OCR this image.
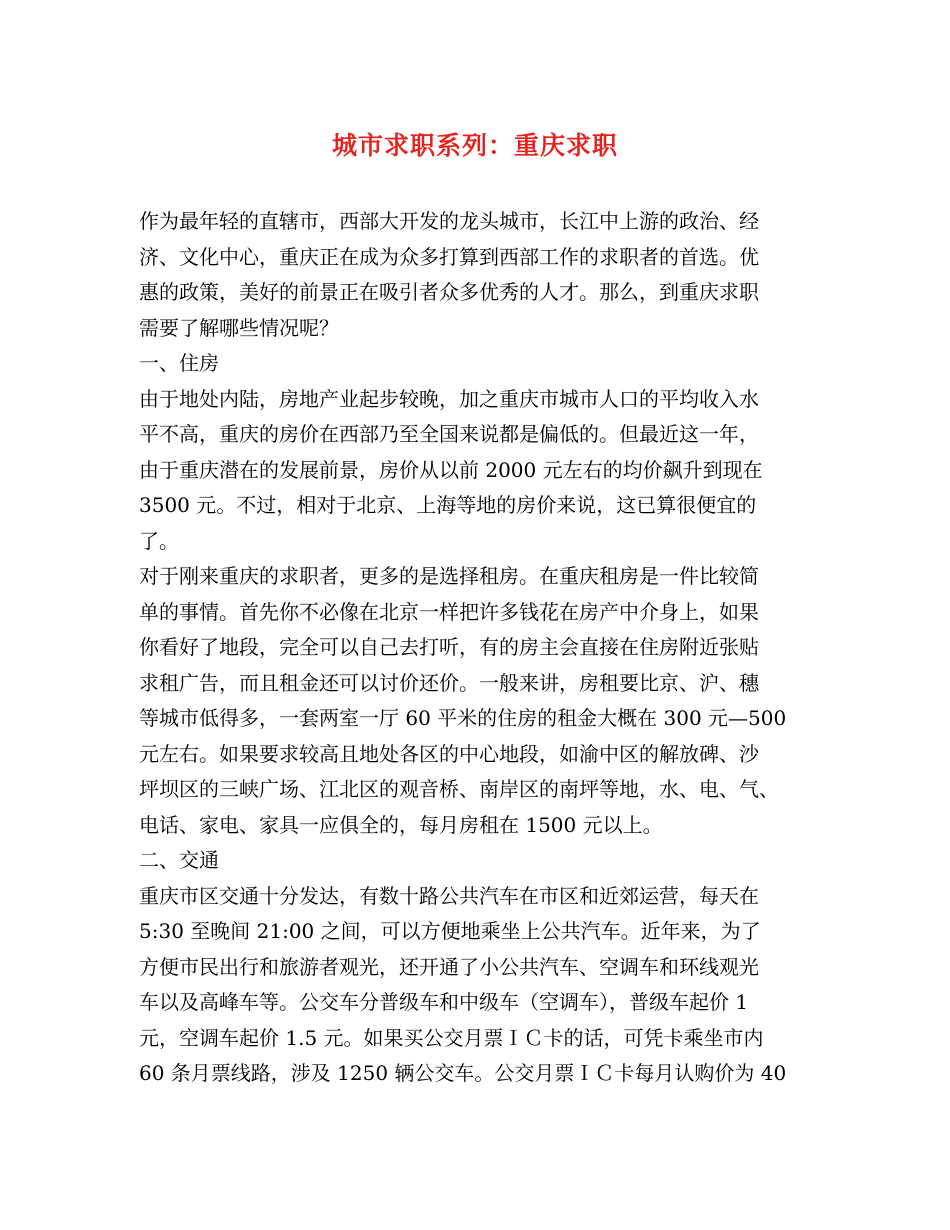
城市求职系列：重庆求职
作为最年轻的直辖市，西部大开发的龙头城市，长江中上游的政治、经
济、文化中心，重庆正在成为众多打算到西部工作的求职者的首选。优
惠的政策，美好的前景正在吸引者众多优秀的人才。那么，到重庆求职
需要了解哪些情况呢？
一、住房
由于地处内陆，房地产业起步较晚，加之重庆市城市人口的平均收入水
平不高，重庆的房价在西部乃至全国来说都是偏低的。但最近这一年，
由于重庆潜在的发展前景，房价从以前 2000 元左右的均价飙升到现在
3500 元。不过，相对于北京、上海等地的房价来说，这已算很便宜的
了。
对于刚来重庆的求职者，更多的是选择租房。在重庆租房是一件比较简
单的事情。首先你不必像在北京一样把许多钱花在房产中介身上，如果
你看好了地段，完全可以自己去打听，有的房主会直接在住房附近张贴
求租广告，而且租金还可以讨价还价。一般来讲，房租要比京、沪、穗
等城市低得多，一套两室一厅 60 平米的住房的租金大概在 300 元—500
元左右。如果要求较高且地处各区的中心地段，如渝中区的解放碑、沙
坪坝区的三峡广场、江北区的观音桥、南岸区的南坪等地，水、电、气、
电话、家电、家具一应俱全的，每月房租在 1500 元以上。
二、交通
重庆市区交通十分发达，有数十路公共汽车在市区和近郊运营，每天在
5:30 至晚间 21:00 之间，可以方便地乘坐上公共汽车。近年来，为了
方便市民出行和旅游者观光，还开通了小公共汽车、空调车和环线观光
车以及高峰车等。公交车分普级车和中级车（空调车），普级车起价 1
元，空调车起价 1.5 元。如果买公交月票ＩＣ卡的话，可凭卡乘坐市内
60 条月票线路，涉及 1250 辆公交车。公交月票ＩＣ卡每月认购价为 40
